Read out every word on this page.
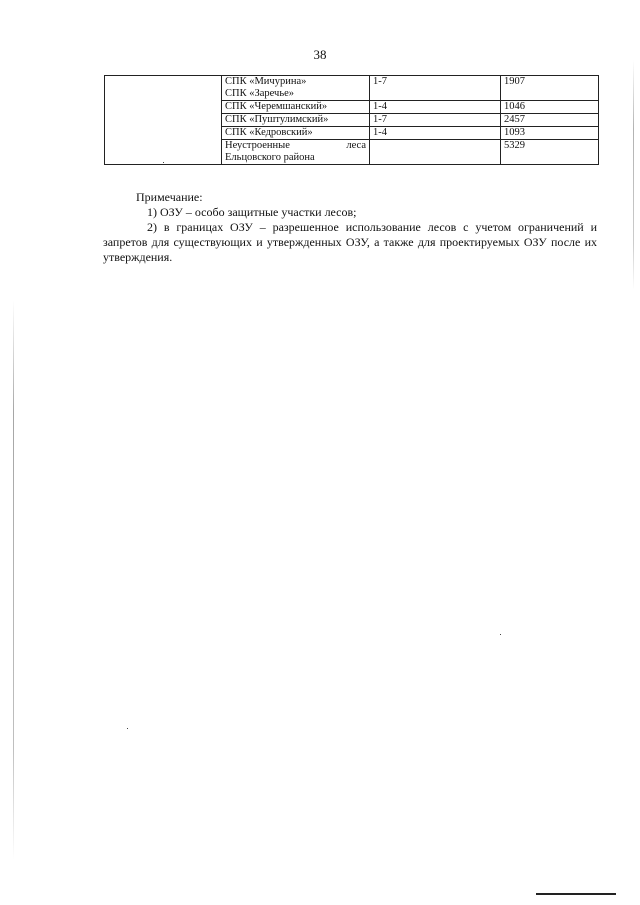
38

	СПК «Мичурина»
СПК «Заречье»	1-7	1907
	СПК «Черемшанский»	1-4	1046
	СПК «Пуштулимский»	1-7	2457
	СПК «Кедровский»	1-4	1093

	Неустроенные леса
Ельцовского района		5329
Примечание:
1) ОЗУ – особо защитные участки лесов;
2) в границах ОЗУ – разрешенное использование лесов с учетом ограничений и запретов для существующих и утвержденных ОЗУ, а также для проектируемых ОЗУ после их утверждения.
